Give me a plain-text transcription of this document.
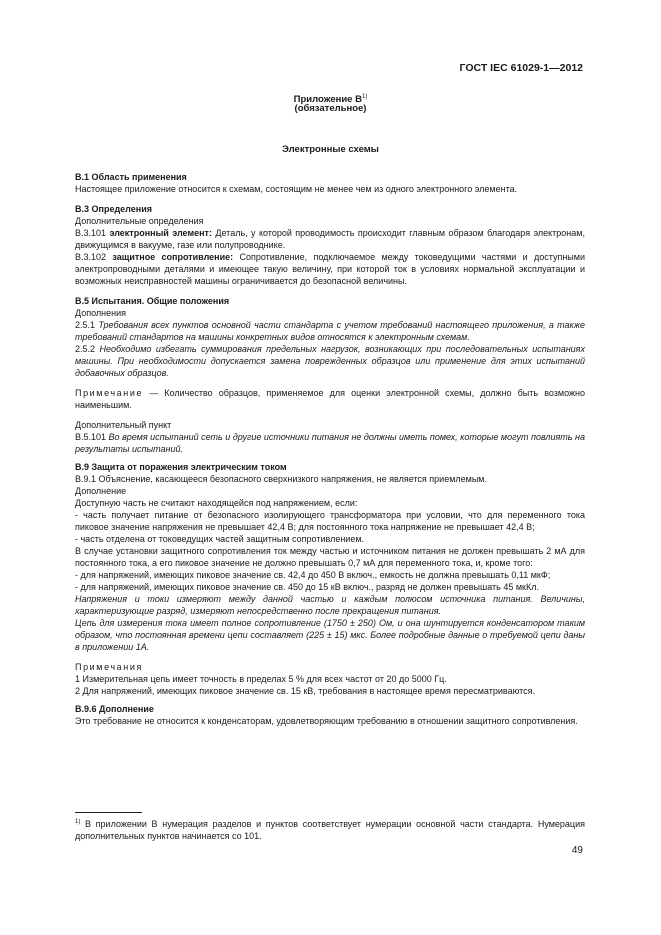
ГОСТ IEC 61029-1—2012
Приложение $В^{1)}$
(обязательное)
Электронные схемы

В.1 Область применения

Настоящее приложение относится к схемам, состоящим не менее чем из одного электронного элемента.

В.3 Определения

Дополнительные определения

В.3.101 электронный элемент: Деталь, у которой проводимость происходит главным образом благодаря электронам, движущимся в вакууме, газе или полупроводнике.

В.3.102 защитное сопротивление: Сопротивление, подключаемое между токоведущими частями и доступными электропроводными деталями и имеющее такую величину, при которой ток в условиях нормальной эксплуатации и возможных неисправностей машины ограничивается до безопасной величины.

В.5 Испытания. Общие положения

Дополнения

2.5.1 Требования всех пунктов основной части стандарта с учетом требований настоящего приложения, а также требований стандартов на машины конкретных видов относятся к электронным схемам.

2.5.2 Необходимо избегать суммирования предельных нагрузок, возникающих при последовательных испытаниях машины. При необходимости допускается замена поврежденных образцов или применение для этих испытаний добавочных образцов.

Примечание — Количество образцов, применяемое для оценки электронной схемы, должно быть возможно наименьшим.

Дополнительный пункт

В.5.101 Во время испытаний сеть и другие источники питания не должны иметь помех, которые могут повлиять на результаты испытаний.

В.9 Защита от поражения электрическим током

В.9.1 Объяснение, касающееся безопасного сверхнизкого напряжения, не является приемлемым.

Дополнение

Доступную часть не считают находящейся под напряжением, если:

- часть получает питание от безопасного изолирующего трансформатора при условии, что для переменного тока пиковое значение напряжения не превышает 42,4 В; для постоянного тока напряжение не превышает 42,4 В;

- часть отделена от токоведущих частей защитным сопротивлением.

В случае установки защитного сопротивления ток между частью и источником питания не должен превышать 2 мА для постоянного тока, а его пиковое значение не должно превышать 0,7 мА для переменного тока, и, кроме того:

- для напряжений, имеющих пиковое значение св. 42,4 до 450 В включ., емкость не должна превышать 0,11 мкФ;

- для напряжений, имеющих пиковое значение св. 450 до 15 кВ включ., разряд не должен превышать 45 мкКл.

Напряжения и токи измеряют между данной частью и каждым полюсом источника питания. Величины, характеризующие разряд, измеряют непосредственно после прекращения питания.

Цепь для измерения тока имеет полное сопротивление (1750 ± 250) Ом, и она шунтируется конденсатором таким образом, что постоянная времени цепи составляет (225 ± 15) мкс. Более подробные данные о требуемой цепи даны в приложении 1А.

Примечания

1 Измерительная цепь имеет точность в пределах 5 % для всех частот от 20 до 5000 Гц.

2 Для напряжений, имеющих пиковое значение св. 15 кВ, требования в настоящее время пересматриваются.

В.9.6 Дополнение

Это требование не относится к конденсаторам, удовлетворяющим требованию в отношении защитного сопротивления.

$^{1)}$ В приложении В нумерация разделов и пунктов соответствует нумерации основной части стандарта. Нумерация дополнительных пунктов начинается со 101.
49
